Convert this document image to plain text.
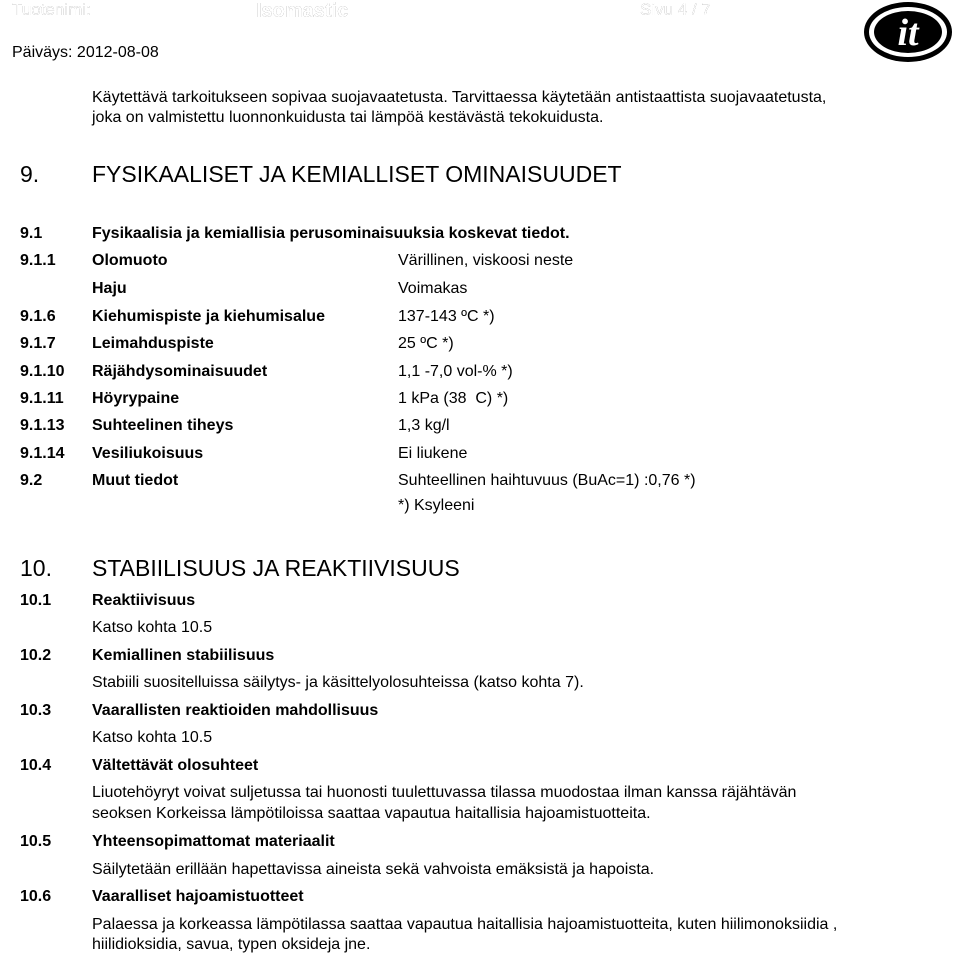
Tuotenimi:	Isomastic	Sivu 4 / 7
Päiväys: 2012-08-08	it
Käytettävä tarkoitukseen sopivaa suojavaatetusta. Tarvittaessa käytetään antistaattista suojavaatetusta,
joka on valmistettu luonnonkuidusta tai lämpöä kestävästä tekokuidusta.
9. FYSIKAALISET JA KEMIALLISET OMINAISUUDET
9.1	Fysikaalisia ja kemiallisia perusominaisuuksia koskevat tiedot.
9.1.1 Olomuoto	Värillinen, viskoosi neste
Haju	Voimakas
9.1.6 Kiehumispiste ja kiehumisalue	137-143 ºC *)
9.1.7 Leimahduspiste	25 ºC *)
9.1.10 Räjähdysominaisuudet	1,1 -7,0 vol-% *)
9.1.11 Höyrypaine	1 kPa (38  C) *)
9.1.13 Suhteelinen tiheys	1,3 kg/l
9.1.14 Vesiliukoisuus	Ei liukene
9.2	Muut tiedot	Suhteellinen haihtuvuus (BuAc=1) :0,76 *)
*) Ksyleeni
10. STABIILISUUS JA REAKTIIVISUUS
10.1	Reaktiivisuus
Katso kohta 10.5
10.2	Kemiallinen stabiilisuus
Stabiili suositelluissa säilytys- ja käsittelyolosuhteissa (katso kohta 7).
10.3	Vaarallisten reaktioiden mahdollisuus
Katso kohta 10.5
10.4	Vältettävät olosuhteet
Liuotehöyryt voivat suljetussa tai huonosti tuulettuvassa tilassa muodostaa ilman kanssa räjähtävän
seoksen Korkeissa lämpötiloissa saattaa vapautua haitallisia hajoamistuotteita.
10.5	Yhteensopimattomat materiaalit
Säilytetään erillään hapettavissa aineista sekä vahvoista emäksistä ja hapoista.
10.6	Vaaralliset hajoamistuotteet
Palaessa ja korkeassa lämpötilassa saattaa vapautua haitallisia hajoamistuotteita, kuten hiilimonoksiidia ,
hiilidioksidia, savua, typen oksideja jne.
